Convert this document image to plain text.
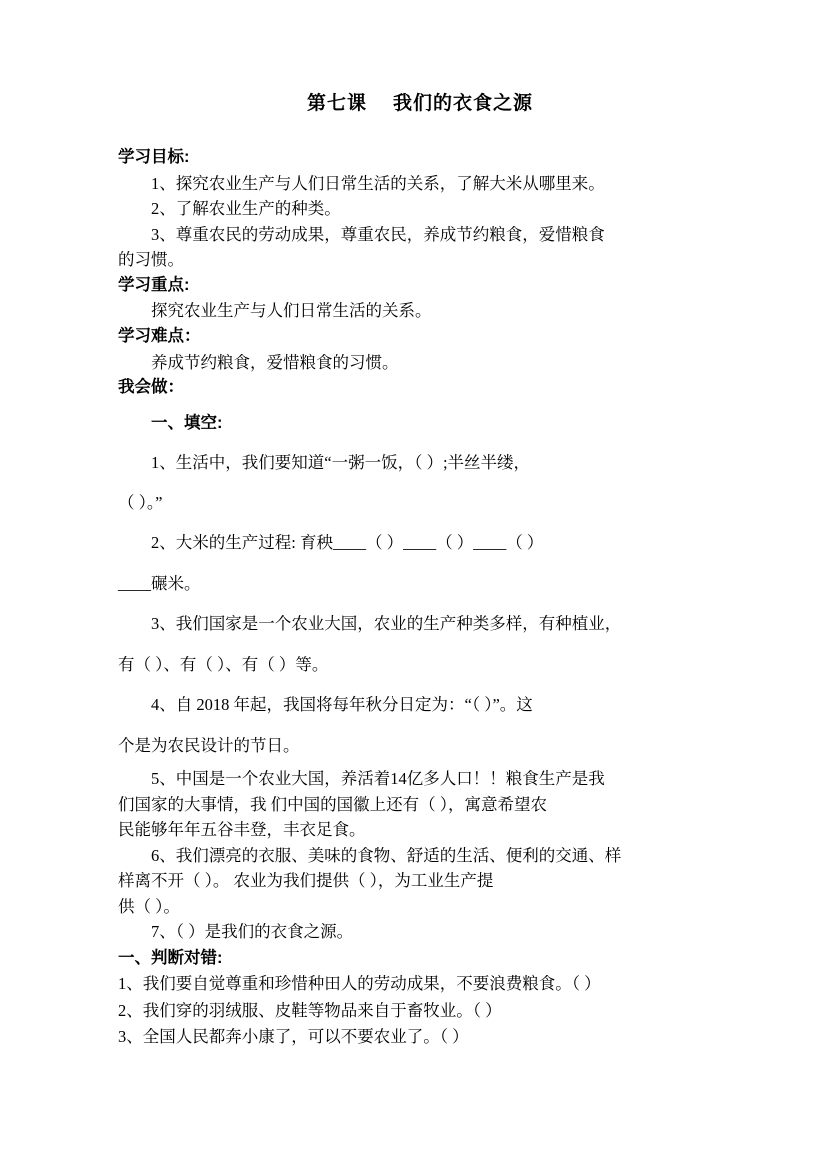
第七课 我们的衣食之源
学习目标:
1、探究农业生产与人们日常生活的关系，了解大米从哪里来。
2、了解农业生产的种类。
3、尊重农民的劳动成果，尊重农民，养成节约粮食，爱惜粮食
的习惯。
学习重点:
探究农业生产与人们日常生活的关系。
学习难点：
养成节约粮食，爱惜粮食的习惯。
我会做：
一、填空:
1、生活中，我们要知道“一粥一饭，（ ）;半丝半缕，
（ ）。”
2、大米的生产过程: 育秧____（ ）____（ ）____（ ）
____碾米。
3、我们国家是一个农业大国，农业的生产种类多样，有种植业，
有（ ）、有（ ）、有（ ）等。
4、自 2018 年起，我国将每年秋分日定为：“（ ）”。这
个是为农民设计的节日。
5、中国是一个农业大国，养活着14亿多人口！！粮食生产是我
们国家的大事情，我 们中国的国徽上还有（ ），寓意希望农
民能够年年五谷丰登，丰衣足食。
6、我们漂亮的衣服、美味的食物、舒适的生活、便利的交通、样
样离不开（ ）。 农业为我们提供（ ），为工业生产提
供（ ）。
7、（ ）是我们的衣食之源。
一、判断对错:
1、我们要自觉尊重和珍惜种田人的劳动成果，不要浪费粮食。（ ）
2、我们穿的羽绒服、皮鞋等物品来自于畜牧业。（ ）
3、全国人民都奔小康了，可以不要农业了。（ ）
